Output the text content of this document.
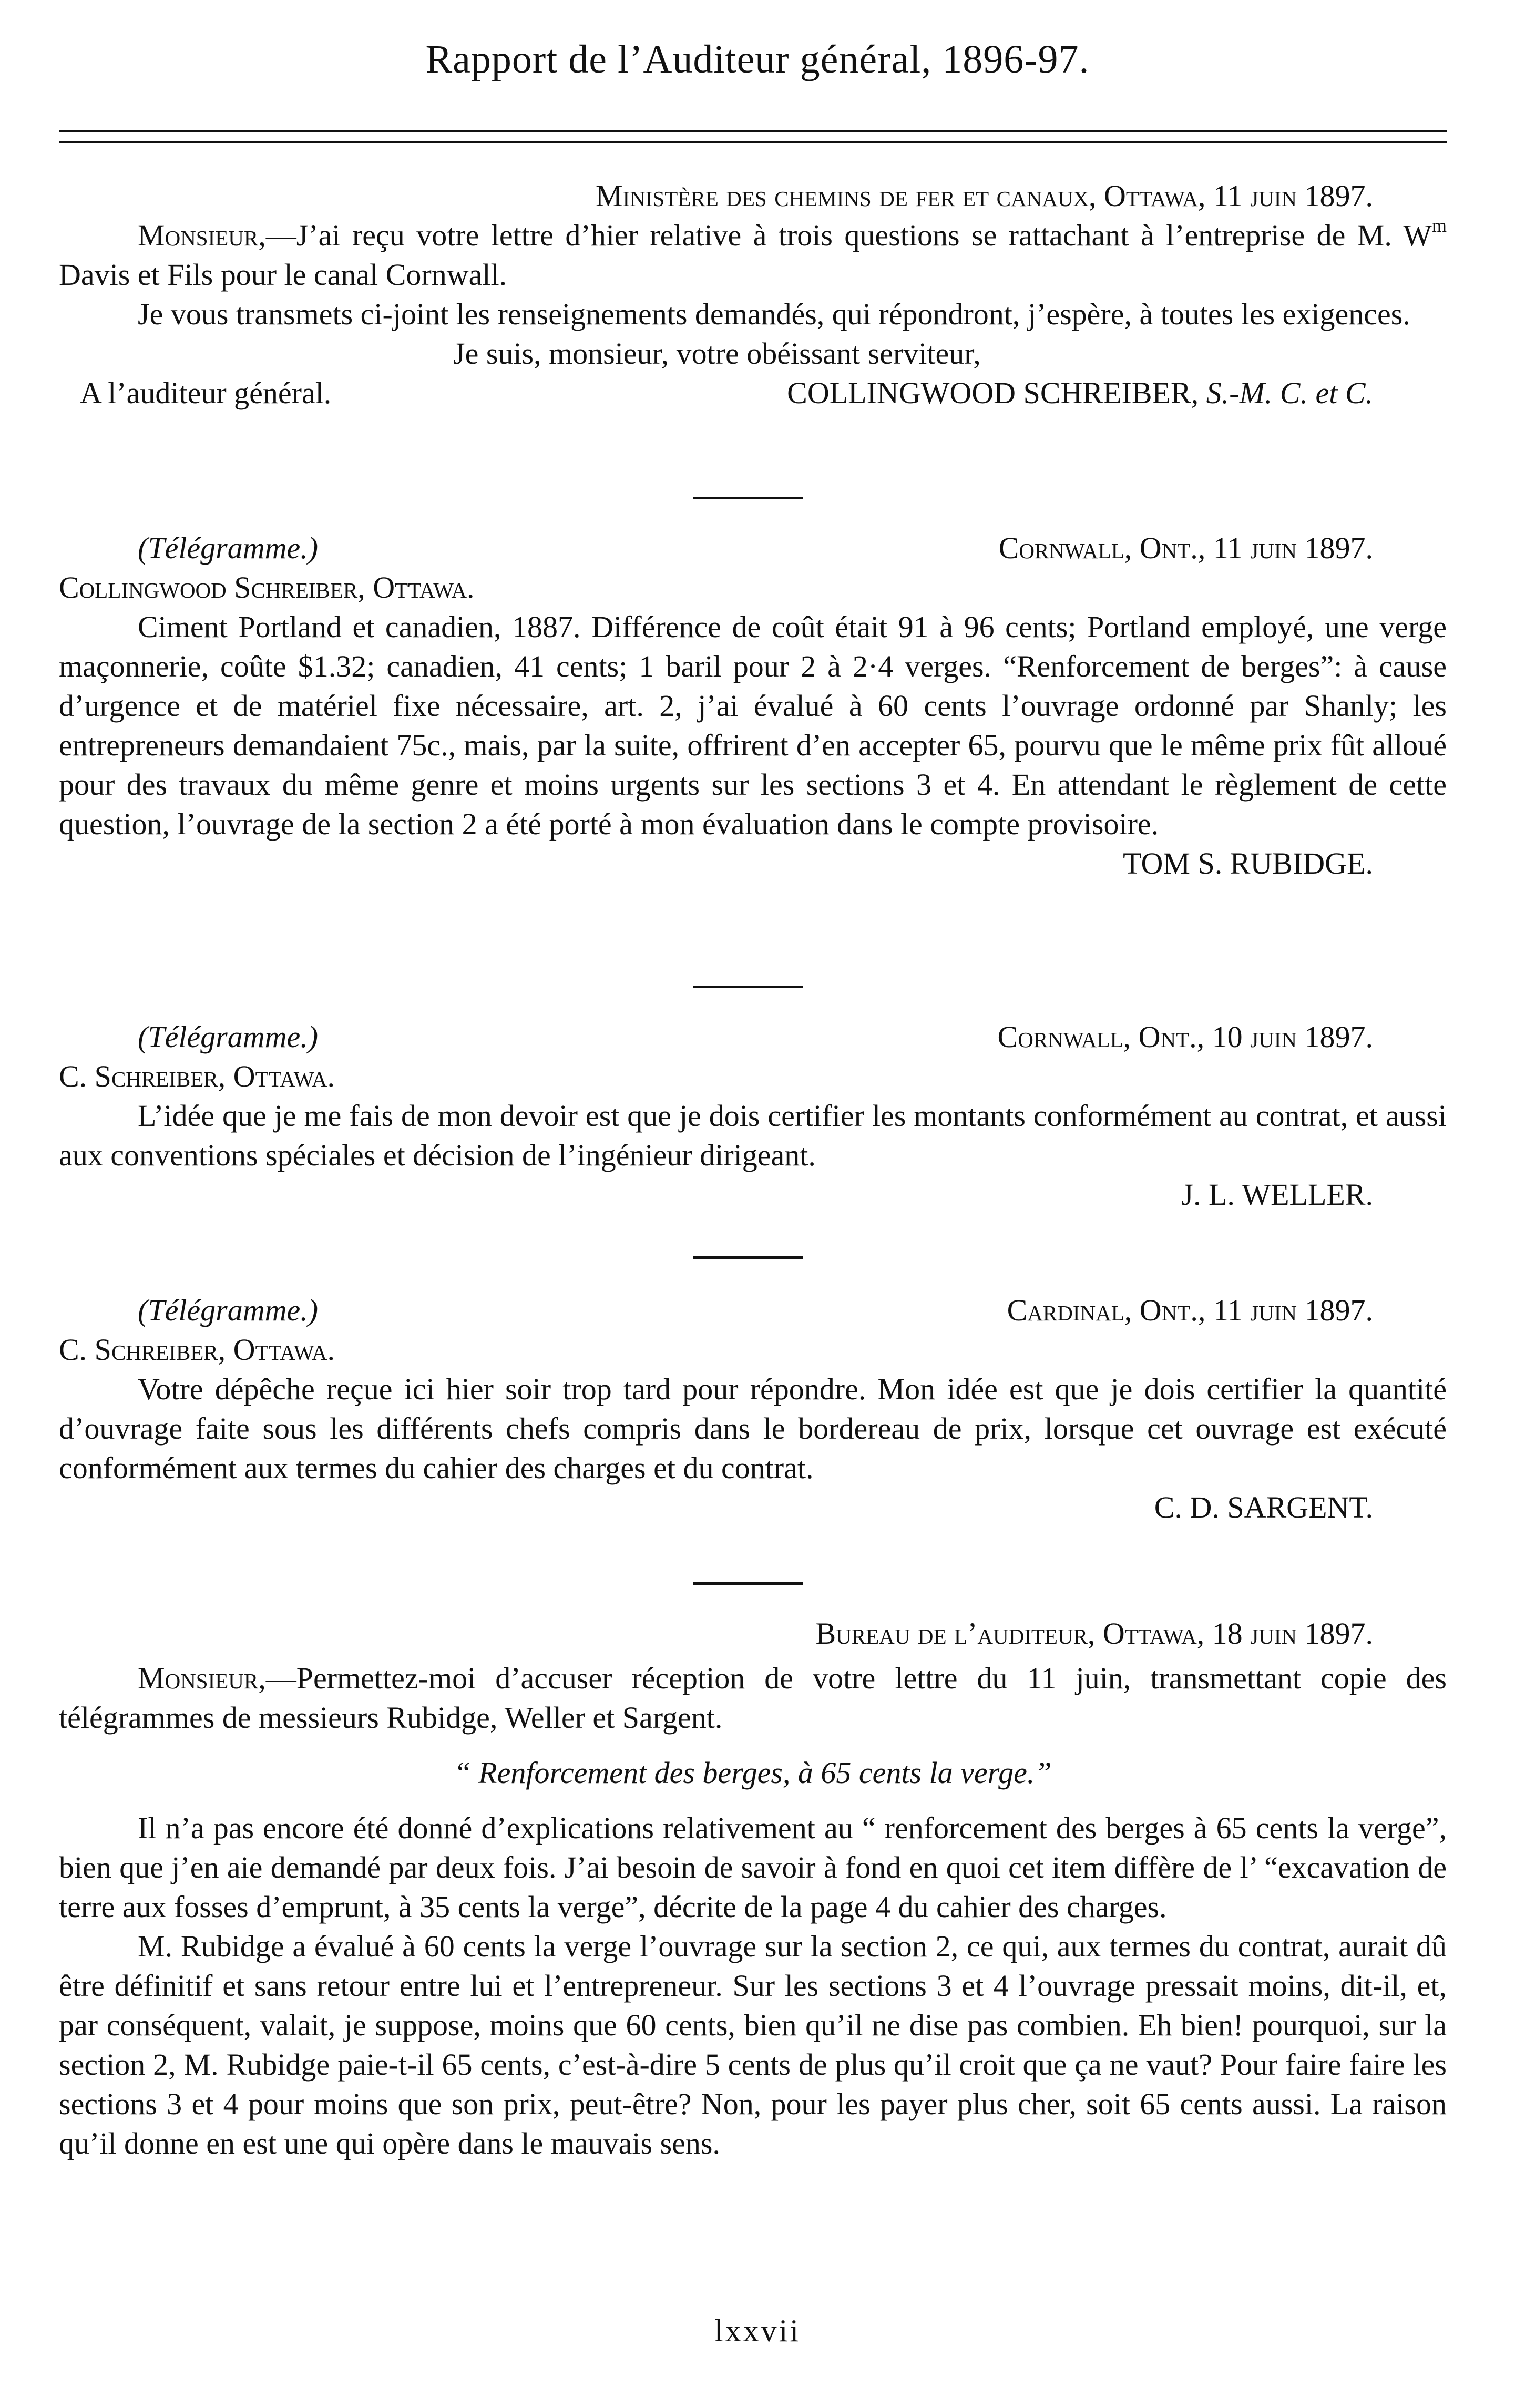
Rapport de l’Auditeur général, 1896-97.

Ministère des chemins de fer et canaux, Ottawa, 11 juin 1897.

Monsieur,—J’ai reçu votre lettre d’hier relative à trois questions se rattachant à l’entreprise de M. $W^m$ Davis et Fils pour le canal Cornwall.

Je vous transmets ci-joint les renseignements demandés, qui répondront, j’espère, à toutes les exigences.

Je suis, monsieur, votre obéissant serviteur,

A l’auditeur général.	COLLINGWOOD SCHREIBER, S.-M. C. et C.
(Télégramme.)	Cornwall, Ont., 11 juin 1897.

Collingwood Schreiber, Ottawa.

Ciment Portland et canadien, 1887. Différence de coût était 91 à 96 cents; Portland employé, une verge maçonnerie, coûte $1.32; canadien, 41 cents; 1 baril pour 2 à 2·4 verges. “Renforcement de berges”: à cause d’urgence et de matériel fixe nécessaire, art. 2, j’ai évalué à 60 cents l’ouvrage ordonné par Shanly; les entrepreneurs demandaient 75c., mais, par la suite, offrirent d’en accepter 65, pourvu que le même prix fût alloué pour des travaux du même genre et moins urgents sur les sections 3 et 4. En attendant le règlement de cette question, l’ouvrage de la section 2 a été porté à mon évaluation dans le compte provisoire.

TOM S. RUBIDGE.

(Télégramme.)	Cornwall, Ont., 10 juin 1897.

C. Schreiber, Ottawa.

L’idée que je me fais de mon devoir est que je dois certifier les montants conformément au contrat, et aussi aux conventions spéciales et décision de l’ingénieur dirigeant.

J. L. WELLER.

(Télégramme.)	Cardinal, Ont., 11 juin 1897.

C. Schreiber, Ottawa.

Votre dépêche reçue ici hier soir trop tard pour répondre. Mon idée est que je dois certifier la quantité d’ouvrage faite sous les différents chefs compris dans le bordereau de prix, lorsque cet ouvrage est exécuté conformément aux termes du cahier des charges et du contrat.

C. D. SARGENT.

Bureau de l’auditeur, Ottawa, 18 juin 1897.

Monsieur,—Permettez-moi d’accuser réception de votre lettre du 11 juin, transmettant copie des télégrammes de messieurs Rubidge, Weller et Sargent.

“ Renforcement des berges, à 65 cents la verge.”

Il n’a pas encore été donné d’explications relativement au “ renforcement des berges à 65 cents la verge”, bien que j’en aie demandé par deux fois. J’ai besoin de savoir à fond en quoi cet item diffère de l’ “excavation de terre aux fosses d’emprunt, à 35 cents la verge”, décrite de la page 4 du cahier des charges.

M. Rubidge a évalué à 60 cents la verge l’ouvrage sur la section 2, ce qui, aux termes du contrat, aurait dû être définitif et sans retour entre lui et l’entrepreneur. Sur les sections 3 et 4 l’ouvrage pressait moins, dit-il, et, par conséquent, valait, je suppose, moins que 60 cents, bien qu’il ne dise pas combien. Eh bien! pourquoi, sur la section 2, M. Rubidge paie-t-il 65 cents, c’est-à-dire 5 cents de plus qu’il croit que ça ne vaut? Pour faire faire les sections 3 et 4 pour moins que son prix, peut-être? Non, pour les payer plus cher, soit 65 cents aussi. La raison qu’il donne en est une qui opère dans le mauvais sens.

lxxvii
